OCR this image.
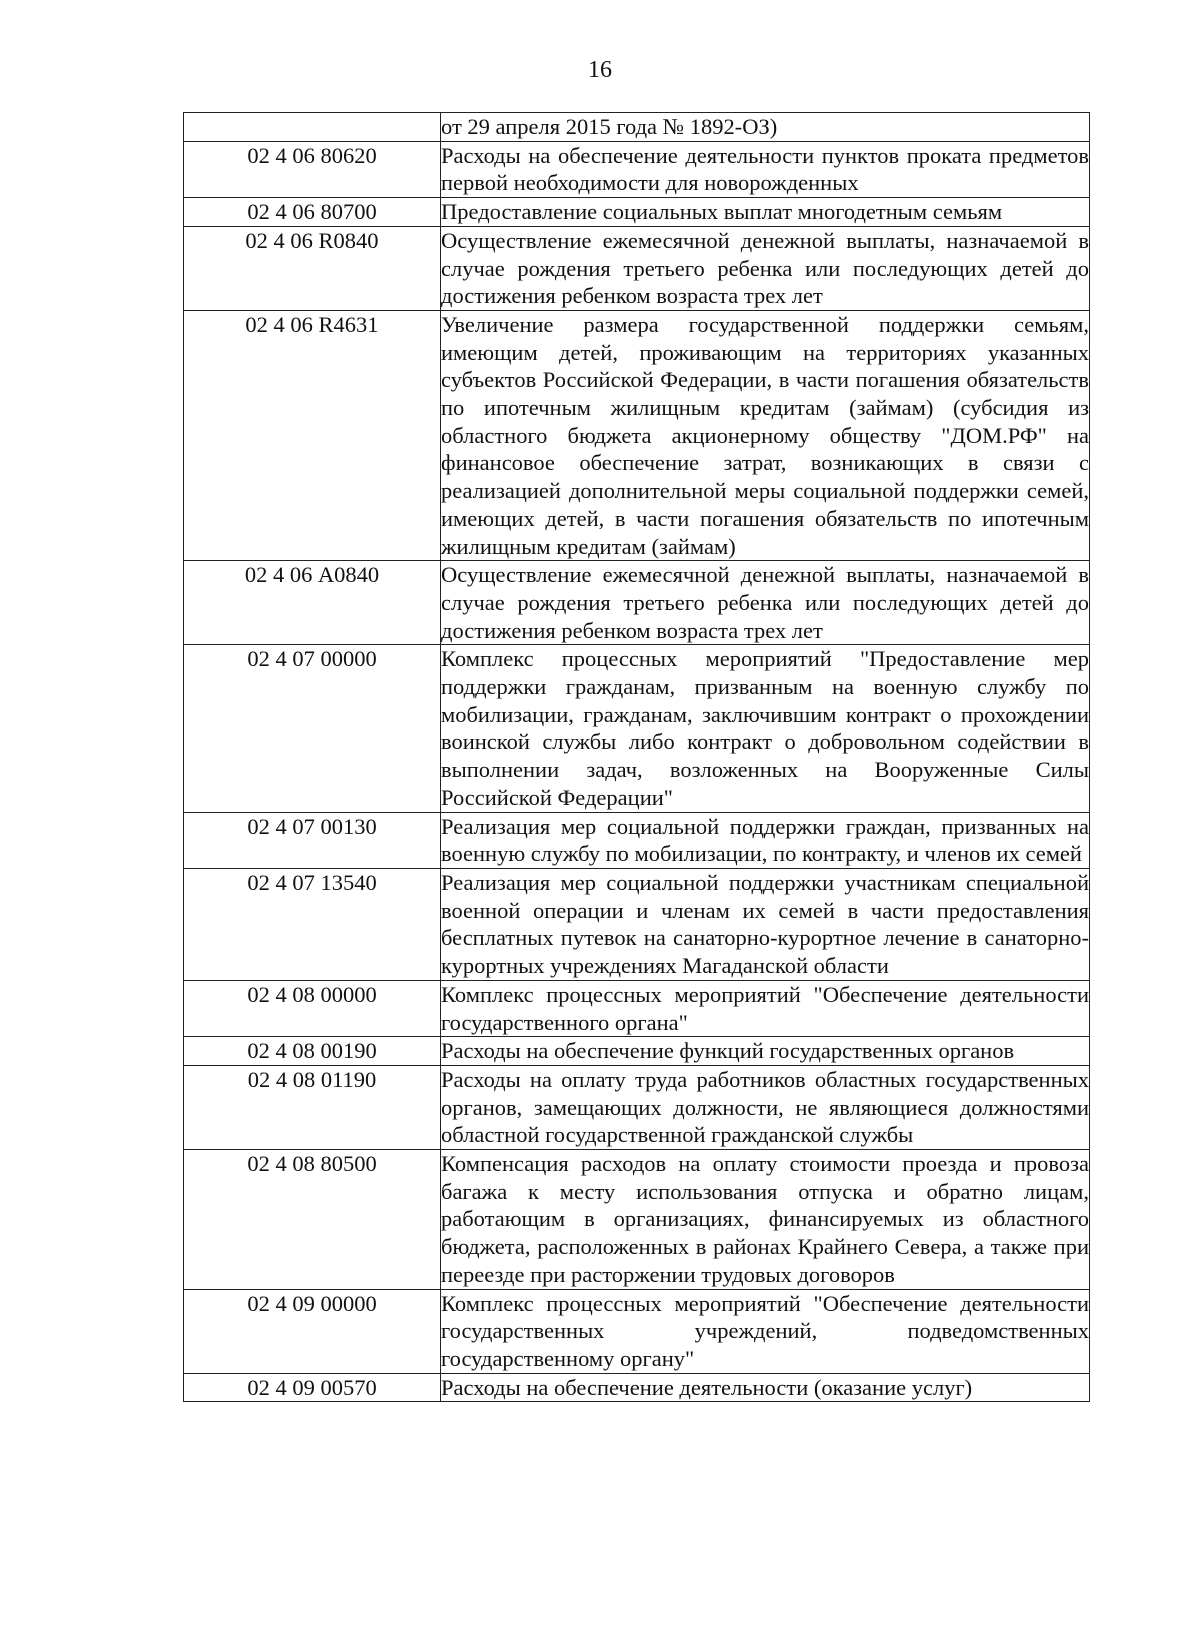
16
	от 29 апреля 2015 года № 1892-ОЗ)
02 4 06 80620	Расходы на обеспечение деятельности пунктов проката предметов первой необходимости для новорожденных
02 4 06 80700	Предоставление социальных выплат многодетным семьям
02 4 06 R0840	Осуществление ежемесячной денежной выплаты, назначаемой в случае рождения третьего ребенка или последующих детей до достижения ребенком возраста трех лет
02 4 06 R4631	Увеличение размера государственной поддержки семьям, имеющим детей, проживающим на территориях указанных субъектов Российской Федерации, в части погашения обязательств по ипотечным жилищным кредитам (займам) (субсидия из областного бюджета акционерному обществу "ДОМ.РФ" на финансовое обеспечение затрат, возникающих в связи с реализацией дополнительной меры социальной поддержки семей, имеющих детей, в части погашения обязательств по ипотечным жилищным кредитам (займам)
02 4 06 А0840	Осуществление ежемесячной денежной выплаты, назначаемой в случае рождения третьего ребенка или последующих детей до достижения ребенком возраста трех лет
02 4 07 00000	Комплекс процессных мероприятий "Предоставление мер поддержки гражданам, призванным на военную службу по мобилизации, гражданам, заключившим контракт о прохождении воинской службы либо контракт о добровольном содействии в выполнении задач, возложенных на Вооруженные Силы Российской Федерации"
02 4 07 00130	Реализация мер социальной поддержки граждан, призванных на военную службу по мобилизации, по контракту, и членов их семей
02 4 07 13540	Реализация мер социальной поддержки участникам специальной военной операции и членам их семей в части предоставления бесплатных путевок на санаторно-курортное лечение в санаторно-курортных учреждениях Магаданской области
02 4 08 00000	Комплекс процессных мероприятий "Обеспечение деятельности государственного органа"
02 4 08 00190	Расходы на обеспечение функций государственных органов
02 4 08 01190	Расходы на оплату труда работников областных государственных органов, замещающих должности, не являющиеся должностями областной государственной гражданской службы
02 4 08 80500	Компенсация расходов на оплату стоимости проезда и провоза багажа к месту использования отпуска и обратно лицам, работающим в организациях, финансируемых из областного бюджета, расположенных в районах Крайнего Севера, а также при переезде при расторжении трудовых договоров
02 4 09 00000	Комплекс процессных мероприятий "Обеспечение деятельности государственных учреждений, подведомственных государственному органу"
02 4 09 00570	Расходы на обеспечение деятельности (оказание услуг)
